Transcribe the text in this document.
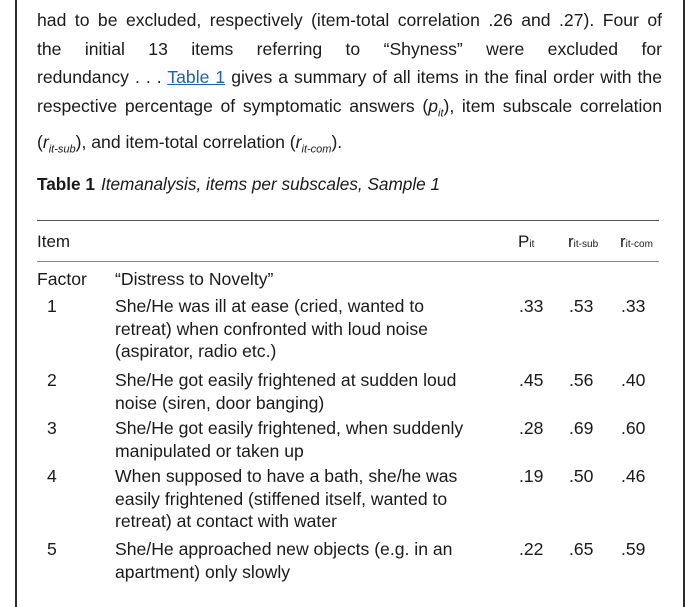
had to be excluded, respectively (item-total correlation .26 and .27). Four of
the initial 13 items referring to “Shyness” were excluded for
redundancy . . . Table 1 gives a summary of all items in the final order with the
respective percentage of symptomatic answers $(p_{it})$, item subscale correlation
$(r_{it-sub})$, and item-total correlation $(r_{it-com})$.

Table 1 Itemanalysis, items per subscales, Sample 1

Item	Pit rit-sub rit-com
Factor “Distress to Novelty”
1	She/He was ill at ease (cried, wanted to
retreat) when confronted with loud noise
(aspirator, radio etc.)
.33 .53 .33
2	She/He got easily frightened at sudden loud
noise (siren, door banging)
.45 .56 .40
3	She/He got easily frightened, when suddenly
manipulated or taken up
.28 .69 .60
4	When supposed to have a bath, she/he was
easily frightened (stiffened itself, wanted to
retreat) at contact with water
.19 .50 .46
5	She/He approached new objects (e.g. in an
apartment) only slowly
.22 .65 .59
